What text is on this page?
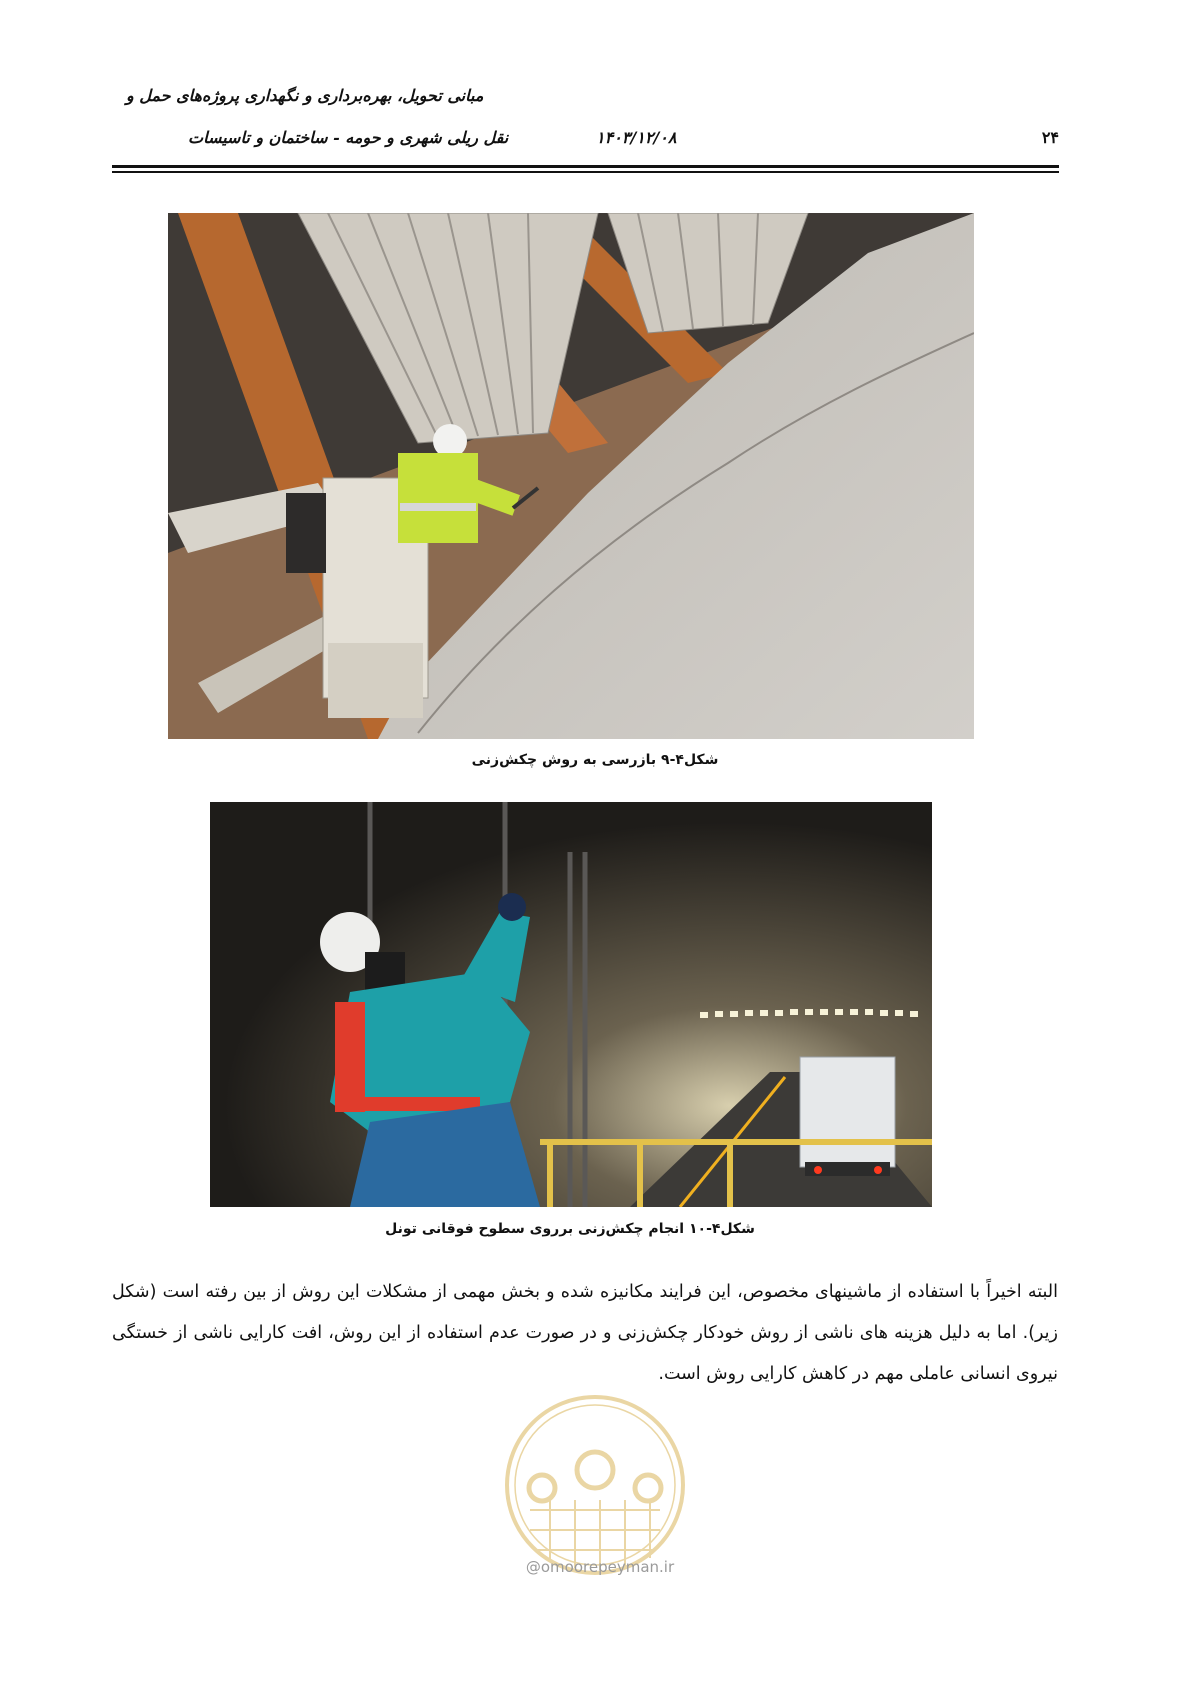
مبانی تحویل، بهره‌برداری و نگهداری پروژه‌های حمل و
نقل ریلی شهری و حومه - ساختمان و تاسیسات	۱۴۰۳/۱۲/۰۸	۲۴
شکل۴-۹ بازرسی به روش چکش‌زنی
شکل۴-۱۰ انجام چکش‌زنی برروی سطوح فوقانی تونل
البته اخیراً با استفاده از ماشینهای مخصوص، این فرایند مکانیزه شده و بخش مهمی از مشکلات این روش از بین رفته است (شکل زیر). اما به دلیل هزینه های ناشی از روش خودکار چکش‌زنی و در صورت عدم استفاده از این روش، افت کارایی ناشی از خستگی نیروی انسانی عاملی مهم در کاهش کارایی روش است.
@omoorepeyman.ir
